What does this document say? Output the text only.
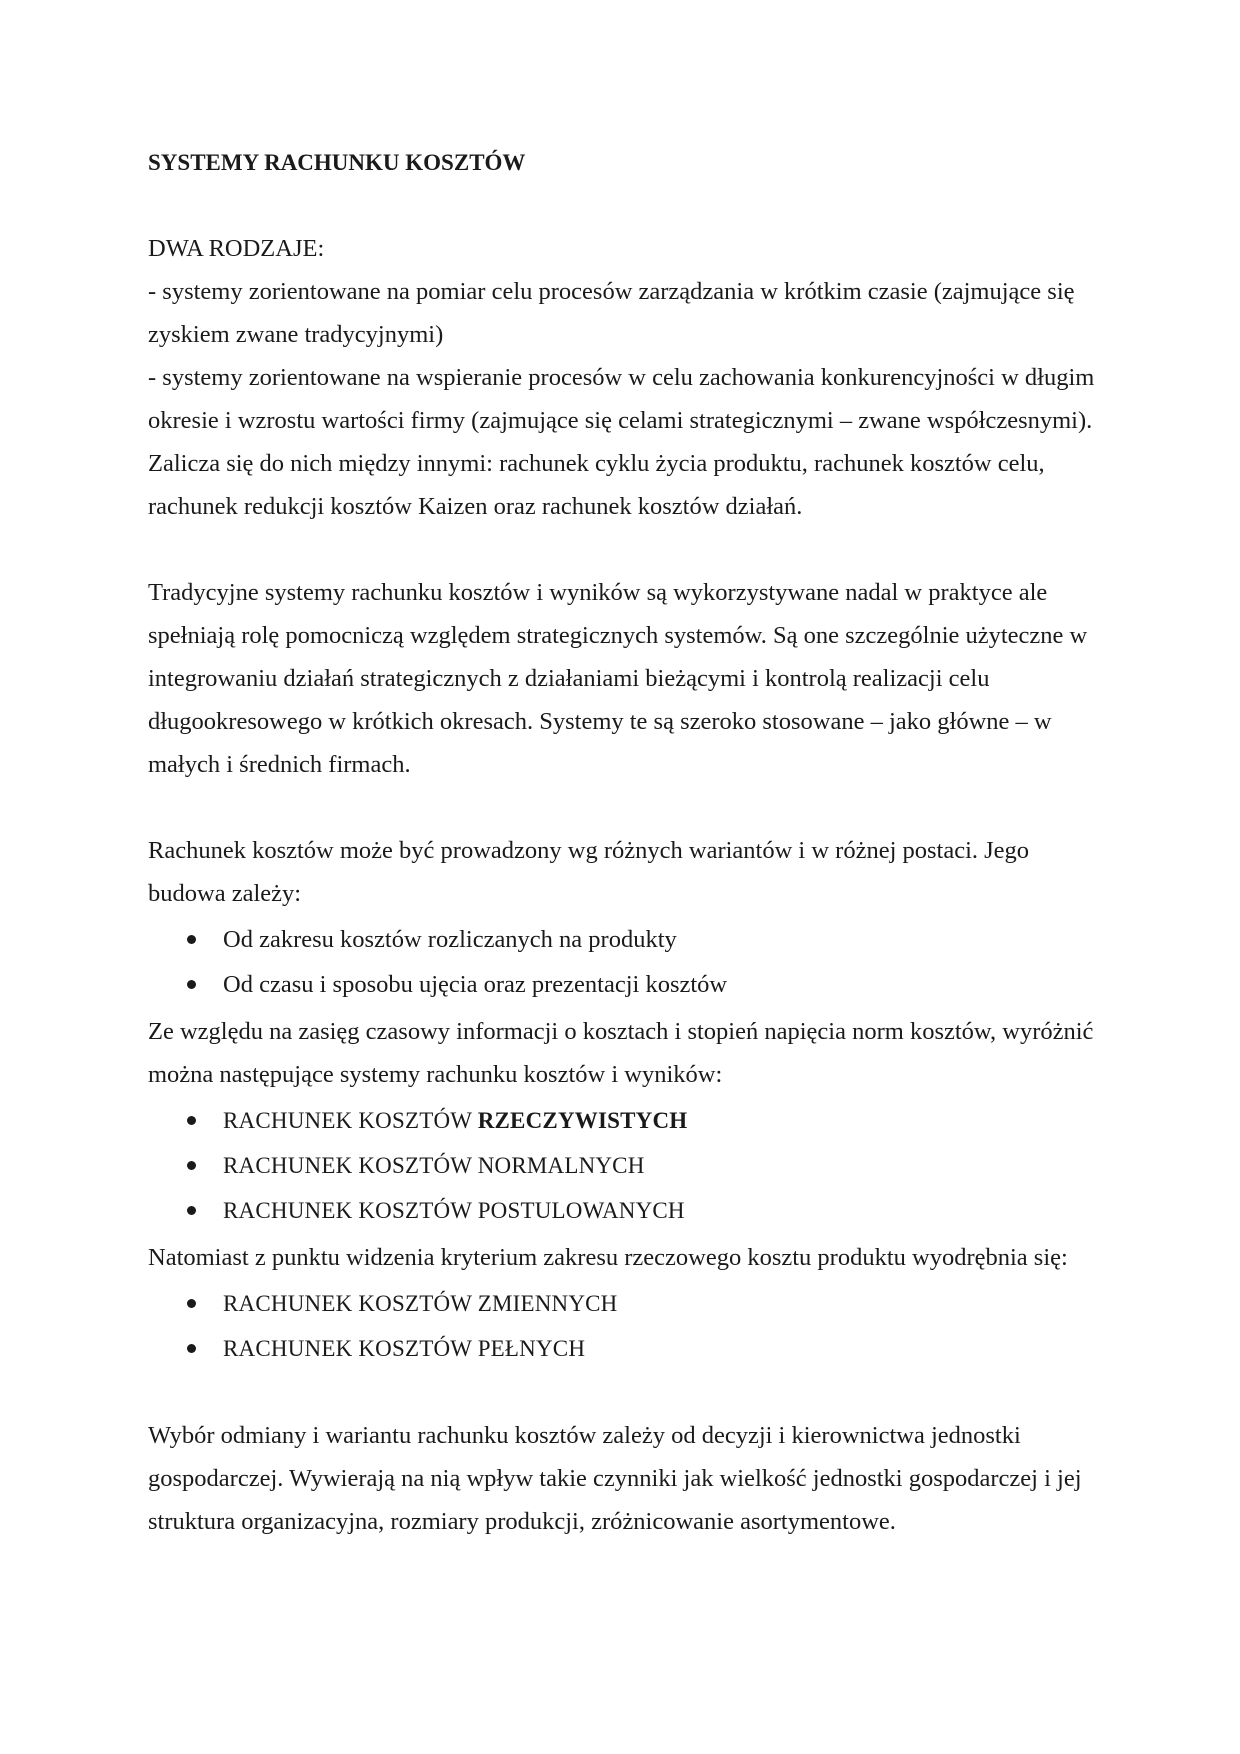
SYSTEMY RACHUNKU KOSZTÓW

DWA RODZAJE:

- systemy zorientowane na pomiar celu procesów zarządzania w krótkim czasie (zajmujące się zyskiem zwane tradycyjnymi)

- systemy zorientowane na wspieranie procesów w celu zachowania konkurencyjności w długim okresie i wzrostu wartości firmy (zajmujące się celami strategicznymi – zwane współczesnymi). Zalicza się do nich między innymi: rachunek cyklu życia produktu, rachunek kosztów celu, rachunek redukcji kosztów Kaizen oraz rachunek kosztów działań.

Tradycyjne systemy rachunku kosztów i wyników są wykorzystywane nadal w praktyce ale spełniają rolę pomocniczą względem strategicznych systemów. Są one szczególnie użyteczne w integrowaniu działań strategicznych z działaniami bieżącymi i kontrolą realizacji celu długookresowego w krótkich okresach. Systemy te są szeroko stosowane – jako główne – w małych i średnich firmach.

Rachunek kosztów może być prowadzony wg różnych wariantów i w różnej postaci. Jego budowa zależy:

Od zakresu kosztów rozliczanych na produkty
Od czasu i sposobu ujęcia oraz prezentacji kosztów

Ze względu na zasięg czasowy informacji o kosztach i stopień napięcia norm kosztów, wyróżnić można następujące systemy rachunku kosztów i wyników:

RACHUNEK KOSZTÓW RZECZYWISTYCH
RACHUNEK KOSZTÓW NORMALNYCH
RACHUNEK KOSZTÓW POSTULOWANYCH

Natomiast z punktu widzenia kryterium zakresu rzeczowego kosztu produktu wyodrębnia się:

RACHUNEK KOSZTÓW ZMIENNYCH
RACHUNEK KOSZTÓW PEŁNYCH

Wybór odmiany i wariantu rachunku kosztów zależy od decyzji i kierownictwa jednostki gospodarczej. Wywierają na nią wpływ takie czynniki jak wielkość jednostki gospodarczej i jej struktura organizacyjna, rozmiary produkcji, zróżnicowanie asortymentowe.
